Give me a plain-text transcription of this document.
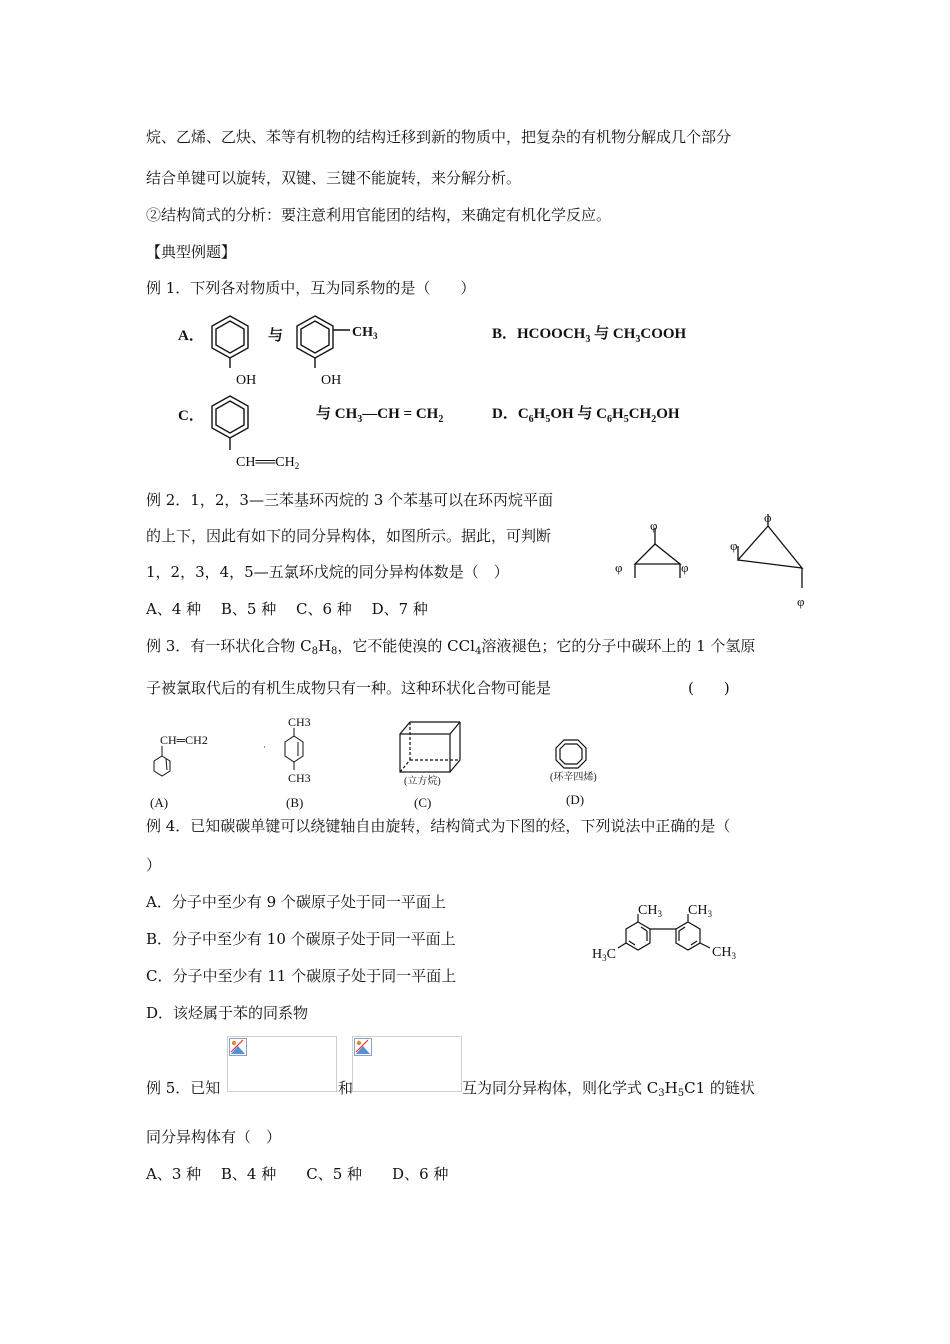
烷、乙烯、乙炔、苯等有机物的结构迁移到新的物质中，把复杂的有机物分解成几个部分
结合单键可以旋转，双键、三键不能旋转，来分解分析。
②结构简式的分析：要注意利用官能团的结构，来确定有机化学反应。
【典型例题】
例 1．下列各对物质中，互为同系物的是（　　）
A．
OH
与	$CH_3$
OH
B．$HCOOCH_3$ 与 $CH_3COOH$
C．
$CH══CH_2$
与 $CH_3—CH = CH_2$	D．$C_6H_5OH$ 与 $C_6H_5CH_2OH$
例 2．1，2，3—三苯基环丙烷的 3 个苯基可以在环丙烷平面
的上下，因此有如下的同分异构体，如图所示。据此，可判断
1，2，3，4，5—五氯环戊烷的同分异构体数是（　）
A、4 种　 B、5 种　 C、6 种　 D、7 种
φ
φ	φ
φ
φ
φ
例 3．有一环状化合物 $C_8H_8$，它不能使溴的 CCl$_4$溶液褪色；它的分子中碳环上的 1 个氢原
子被氯取代后的有机生成物只有一种。这种环状化合物可能是	(　　)
CH═CH2
(A)
CH3
CH3
·
(B)
(立方烷)
(C)
(环辛四烯)
(D)
例 4．已知碳碳单键可以绕键轴自由旋转，结构简式为下图的烃，下列说法中正确的是（
）
A．分子中至少有 9 个碳原子处于同一平面上
B．分子中至少有 10 个碳原子处于同一平面上
C．分子中至少有 11 个碳原子处于同一平面上
D．该烃属于苯的同系物
$CH_3$ $CH_3$
$H_3C$	$CH_3$
例 5．已知	和	互为同分异构体，则化学式 $C_3H_5C1$ 的链状
同分异构体有（　）
A、3 种　 B、4 种　　C、5 种　　D、6 种
